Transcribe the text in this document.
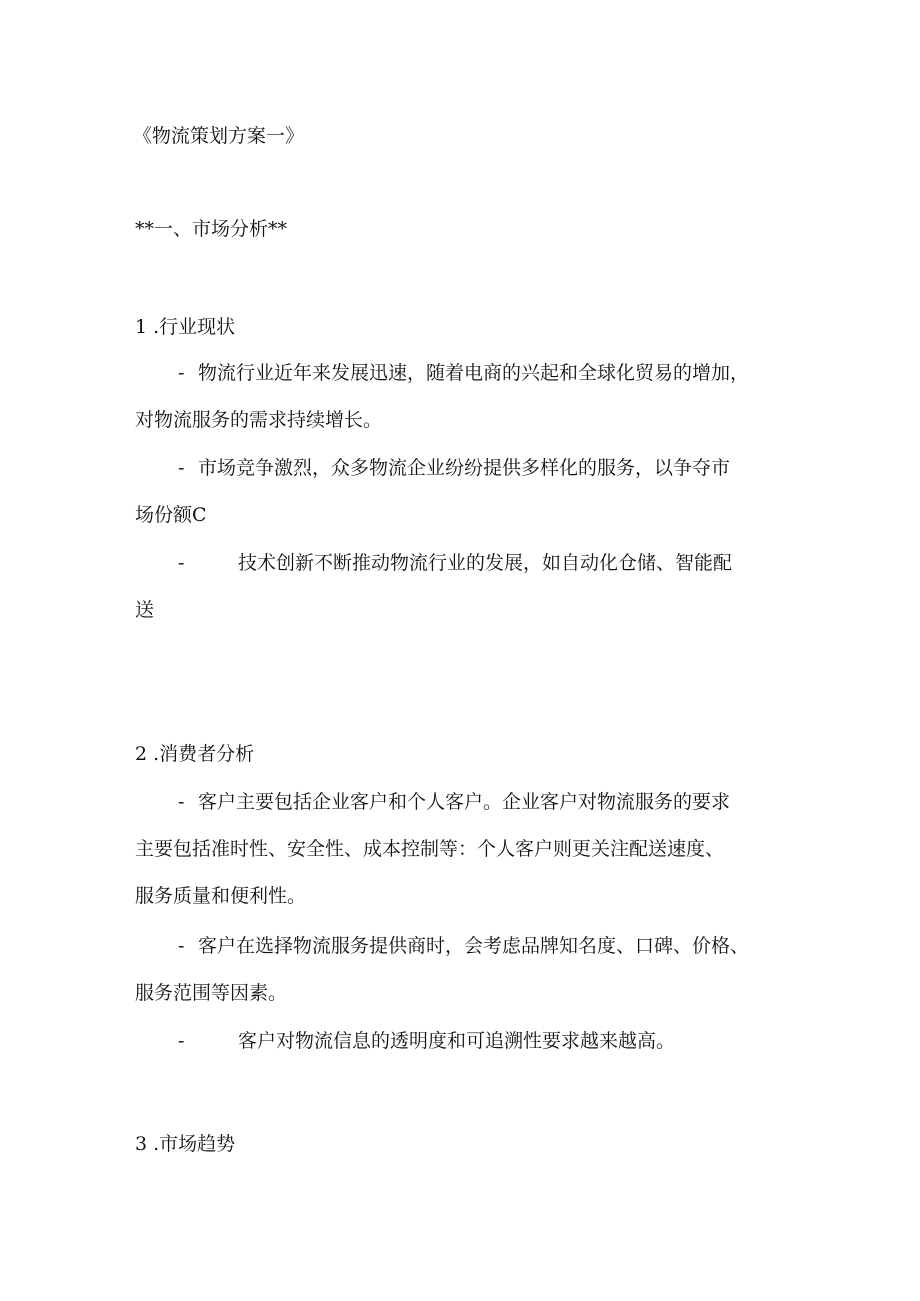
《物流策划方案一》
**一、市场分析**
1 .行业现状
- 物流行业近年来发展迅速，随着电商的兴起和全球化贸易的增加，
对物流服务的需求持续增长。
- 市场竞争激烈，众多物流企业纷纷提供多样化的服务，以争夺市
场份额C
-	技术创新不断推动物流行业的发展，如自动化仓储、智能配
送
2 .消费者分析
- 客户主要包括企业客户和个人客户。企业客户对物流服务的要求
主要包括准时性、安全性、成本控制等：个人客户则更关注配送速度、
服务质量和便利性。
- 客户在选择物流服务提供商时，会考虑品牌知名度、口碑、价格、
服务范围等因素。
-	客户对物流信息的透明度和可追溯性要求越来越高。
3 .市场趋势
